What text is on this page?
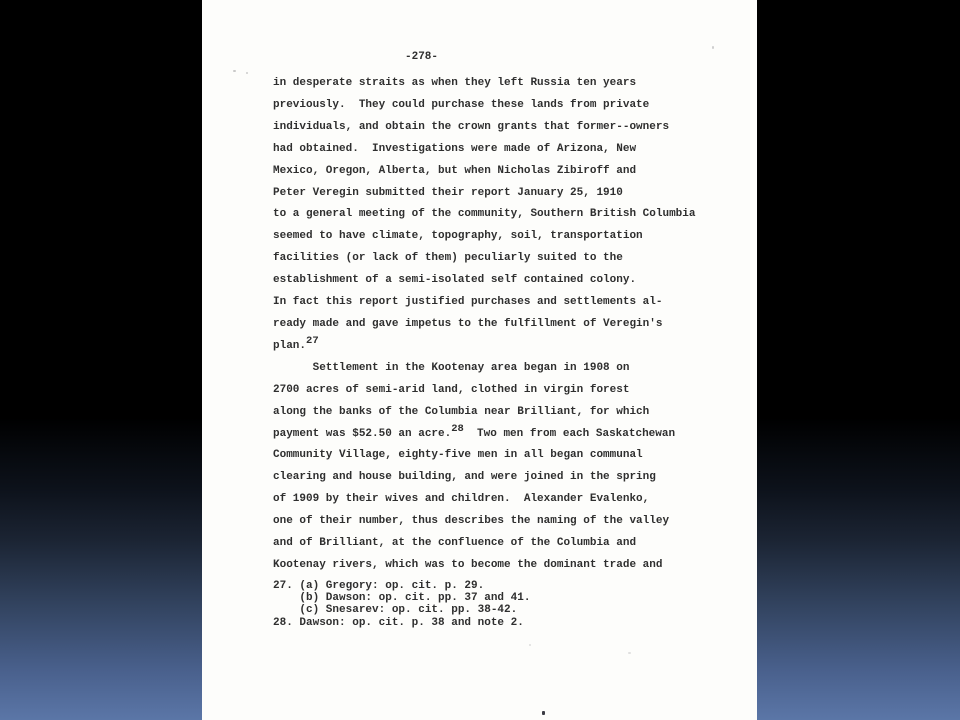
-278-
in desperate straits as when they left Russia ten years
previously.  They could purchase these lands from private
individuals, and obtain the crown grants that former--owners
had obtained.  Investigations were made of Arizona, New
Mexico, Oregon, Alberta, but when Nicholas Zibiroff and
Peter Veregin submitted their report January 25, 1910
to a general meeting of the community, Southern British Columbia
seemed to have climate, topography, soil, transportation
facilities (or lack of them) peculiarly suited to the
establishment of a semi-isolated self contained colony.
In fact this report justified purchases and settlements al-
ready made and gave impetus to the fulfillment of Veregin's
plan.27
Settlement in the Kootenay area began in 1908 on
2700 acres of semi-arid land, clothed in virgin forest
along the banks of the Columbia near Brilliant, for which
payment was $52.50 an acre.28  Two men from each Saskatchewan
Community Village, eighty-five men in all began communal
clearing and house building, and were joined in the spring
of 1909 by their wives and children.  Alexander Evalenko,
one of their number, thus describes the naming of the valley
and of Brilliant, at the confluence of the Columbia and
Kootenay rivers, which was to become the dominant trade and
27. (a) Gregory: op. cit. p. 29.
(b) Dawson: op. cit. pp. 37 and 41.
(c) Snesarev: op. cit. pp. 38-42.
28. Dawson: op. cit. p. 38 and note 2.
